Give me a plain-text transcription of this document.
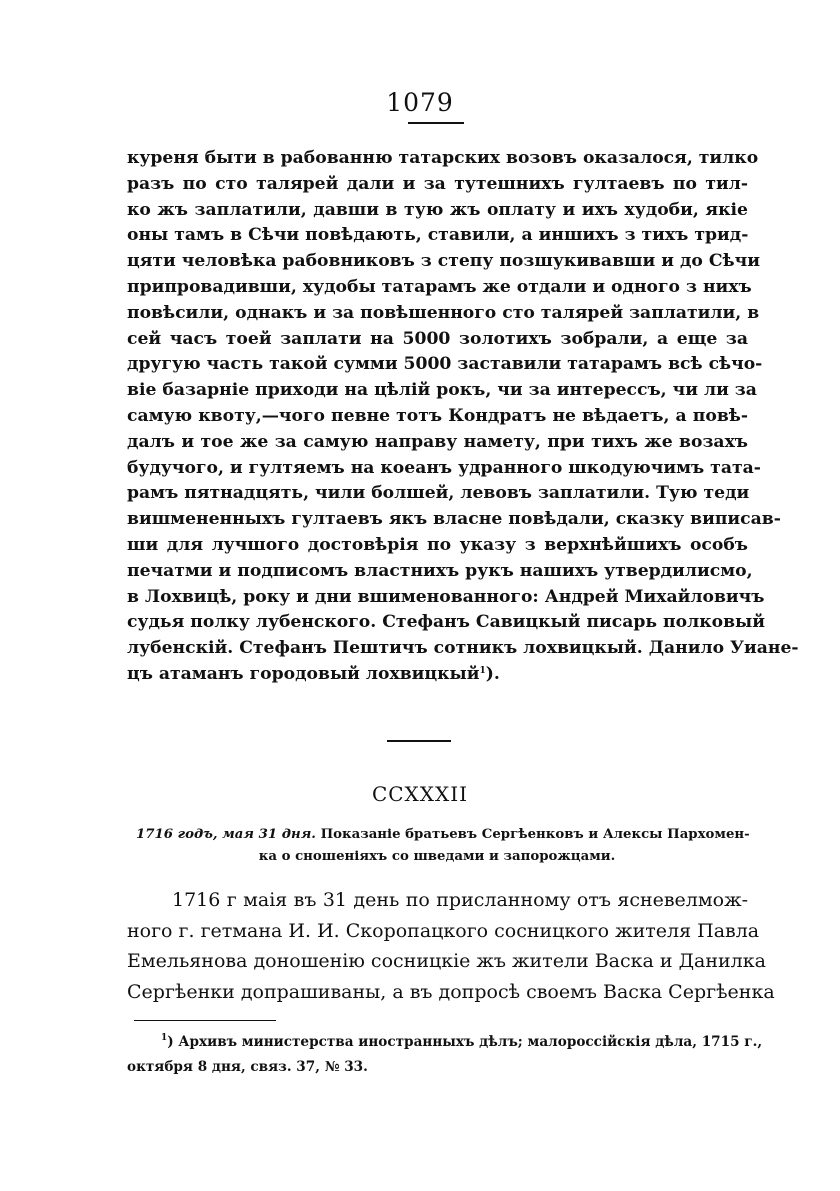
1079
куреня быти в рабованню татарских возовъ оказалося, тилко
разъ по сто талярей дали и за тутешнихъ гултаевъ по тил-
ко жъ заплатили, давши в тую жъ оплату и ихъ худоби, якіе
оны тамъ в Сѣчи повѣдають, ставили, а иншихъ з тихъ трид-
цяти человѣка рабовниковъ з степу позшукивавши и до Сѣчи
припровадивши, худобы татарамъ же отдали и одного з нихъ
повѣсили, однакъ и за повѣшенного сто талярей заплатили, в
сей часъ тоей заплати на 5000 золотихъ зобрали, а еще за
другую часть такой сумми 5000 заставили татарамъ всѣ сѣчо-
віе базарніе приходи на цѣлій рокъ, чи за интерессъ, чи ли за
самую квоту,—чого певне тотъ Кондратъ не вѣдаетъ, а повѣ-
далъ и тое же за самую направу намету, при тихъ же возахъ
будучого, и гултяемъ на коеанъ удранного шкодуючимъ тата-
рамъ пятнадцять, чили болшей, левовъ заплатили. Тую теди
вишмененныхъ гултаевъ якъ власне повѣдали, сказку виписав-
ши для лучшого достовѣрія по указу з верхнѣйшихъ особъ
печатми и подписомъ властнихъ рукъ нашихъ утвердилисмо,
в Лохвицѣ, року и дни вшименованного: Андрей Михайловичъ
судья полку лубенского. Стефанъ Савицкый писарь полковый
лубенскій. Стефанъ Пештичъ сотникъ лохвицкый. Данило Уианe-
цъ атаманъ городовый лохвицкый$^1$).
CCXXXII
1716 годъ, мая 31 дня. Показаніе братьевъ Сергѣенковъ и Алексы Пархомен-
ка о сношеніяхъ со шведами и запорожцами.
1716 г маія въ 31 день по присланному отъ ясневелмож-
ного г. гетмана И. И. Скоропацкого сосницкого жителя Павла
Емельянова доношенію сосницкіе жъ жители Васка и Данилка
Сергѣенки допрашиваны, а въ допросѣ своемъ Васка Сергѣенка
$^1$) Архивъ министерства иностранныхъ дѣлъ; малороссійскія дѣла, 1715 г.,
октября 8 дня, связ. 37, № 33.
